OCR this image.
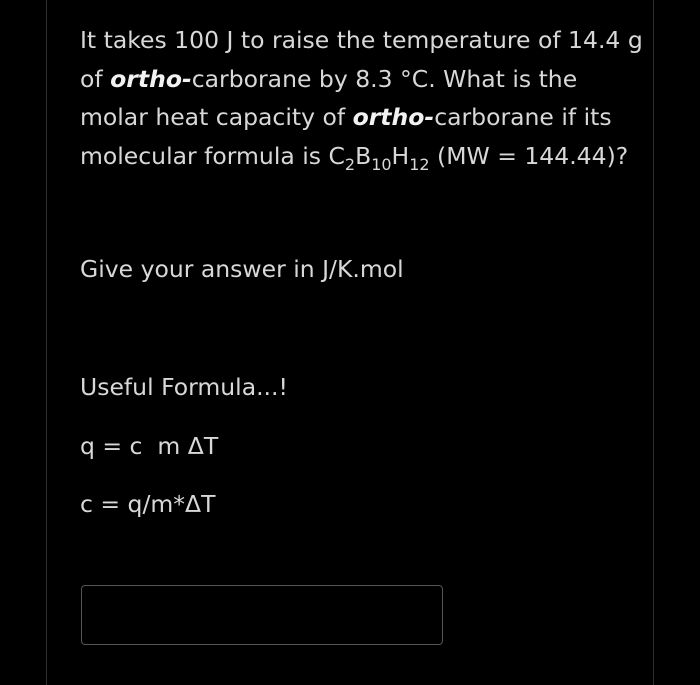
It takes 100 J to raise the temperature of 14.4 g of ortho-carborane by 8.3 °C. What is the molar heat capacity of ortho-carborane if its molecular formula is $C_2B_{10}H_{12}$ (MW = 144.44)?
Give your answer in J/K.mol
Useful Formula...!
q = c  m ΔT
c = q/m*ΔT
